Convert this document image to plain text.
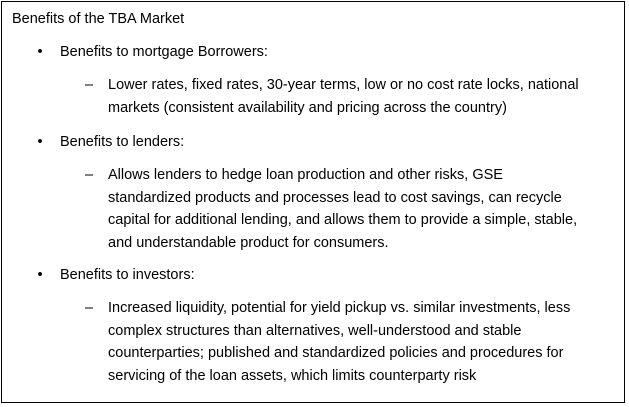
Benefits of the TBA Market
• Benefits to mortgage Borrowers:
– Lower rates, fixed rates, 30-year terms, low or no cost rate locks, national
markets (consistent availability and pricing across the country)
• Benefits to lenders:
– Allows lenders to hedge loan production and other risks, GSE
standardized products and processes lead to cost savings, can recycle
capital for additional lending, and allows them to provide a simple, stable,
and understandable product for consumers.
• Benefits to investors:
– Increased liquidity, potential for yield pickup vs. similar investments, less
complex structures than alternatives, well-understood and stable
counterparties; published and standardized policies and procedures for
servicing of the loan assets, which limits counterparty risk
